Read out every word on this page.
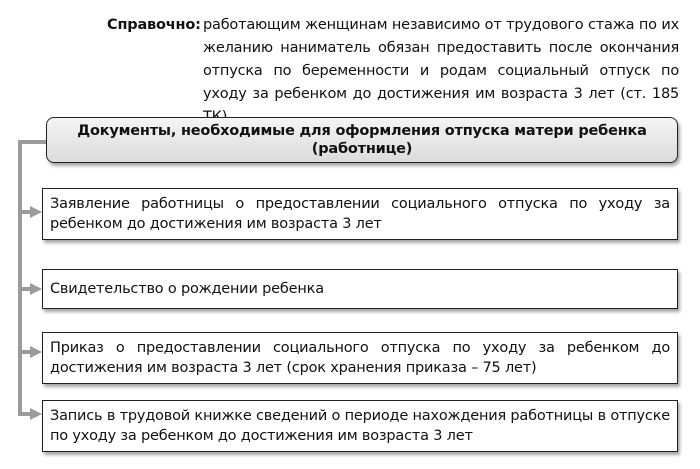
Справочно: работающим женщинам независимо от трудового стажа по их желанию наниматель обязан предоставить после окончания отпуска по беременности и родам социальный отпуск по уходу за ребенком до достижения им возраста 3 лет (ст. 185
Документы, необходимые для оформления отпуска матери ребенка
(работнице)
Заявление работницы о предоставлении социального отпуска по уходу за ребенком до достижения им возраста 3 лет
Свидетельство о рождении ребенка
Приказ о предоставлении социального отпуска по уходу за ребенком до достижения им возраста 3 лет (срок хранения приказа – 75 лет)
Запись в трудовой книжке сведений о периоде нахождения работницы в отпуске по уходу за ребенком до достижения им возраста 3 лет
